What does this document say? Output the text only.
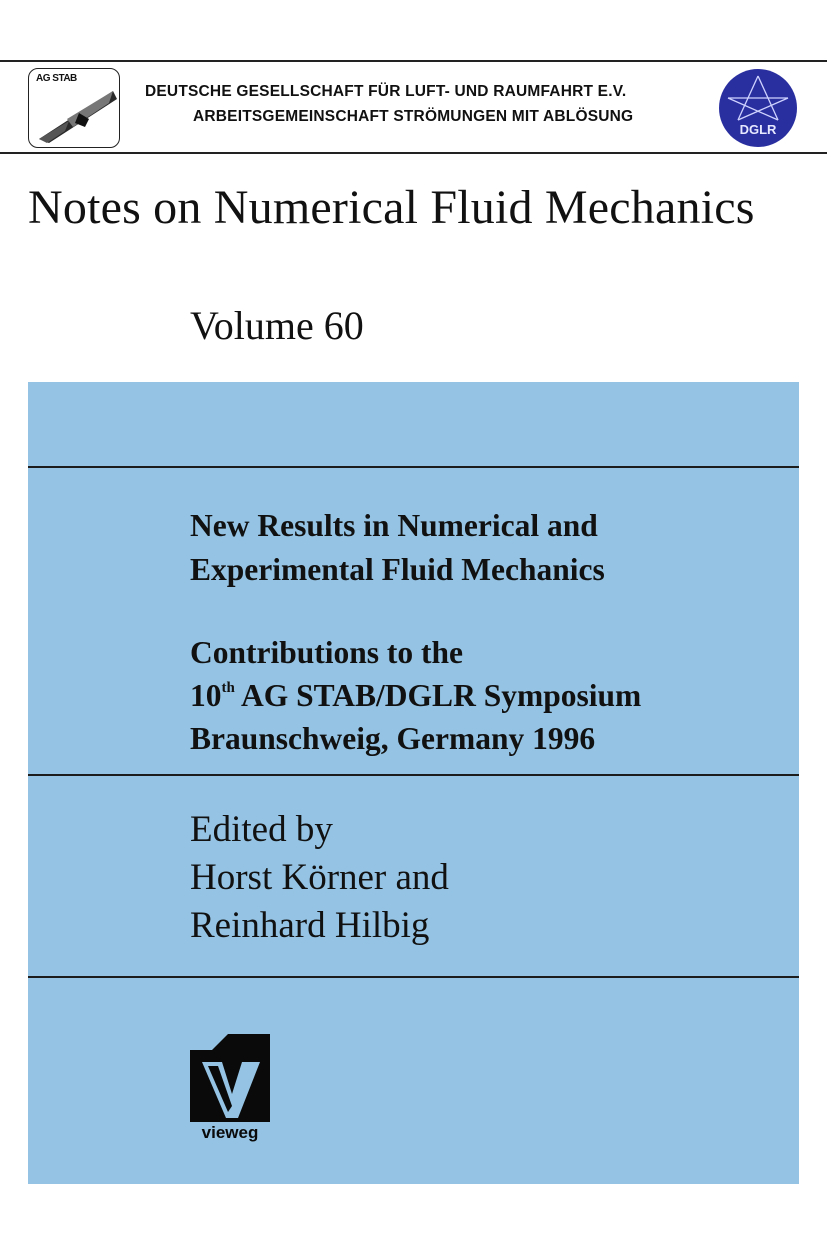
AG STAB
DEUTSCHE GESELLSCHAFT FÜR LUFT- UND RAUMFAHRT E.V.
ARBEITSGEMEINSCHAFT STRÖMUNGEN MIT ABLÖSUNG
DGLR
Notes on Numerical Fluid Mechanics
Volume 60
New Results in Numerical and
Experimental Fluid Mechanics
Contributions to the
10th AG STAB/DGLR Symposium
Braunschweig, Germany 1996
Edited by
Horst Körner and
Reinhard Hilbig
vieweg
